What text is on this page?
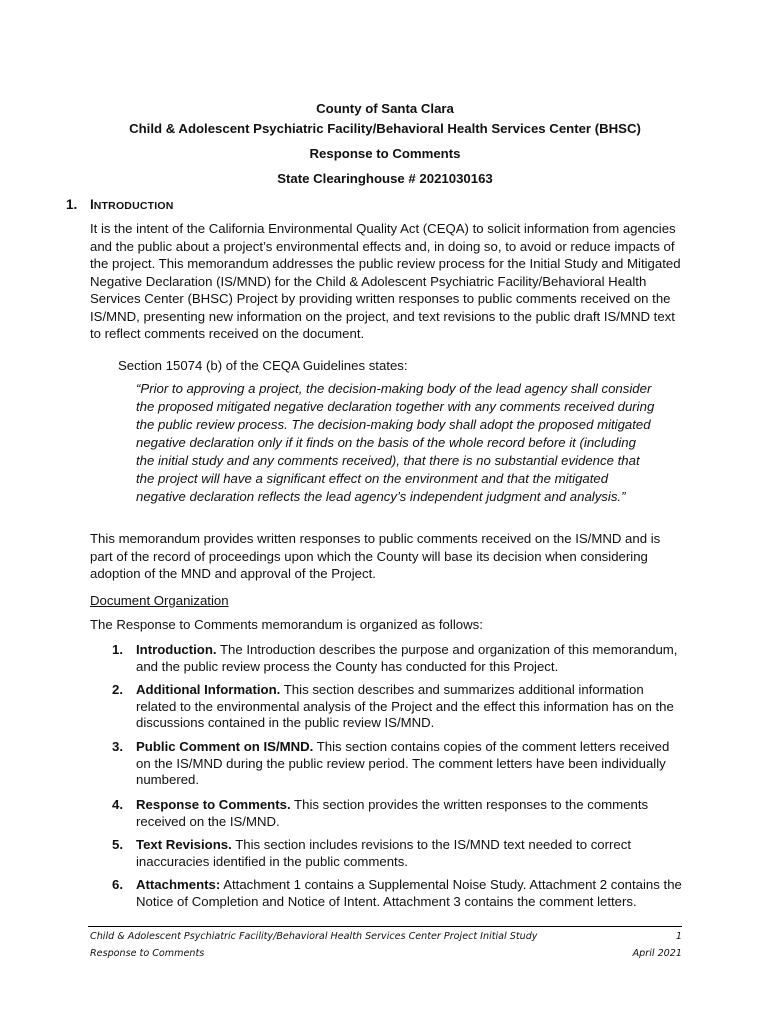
County of Santa Clara
Child & Adolescent Psychiatric Facility/Behavioral Health Services Center (BHSC)
Response to Comments
State Clearinghouse # 2021030163
1. INTRODUCTION
It is the intent of the California Environmental Quality Act (CEQA) to solicit information from agencies and the public about a project’s environmental effects and, in doing so, to avoid or reduce impacts of the project. This memorandum addresses the public review process for the Initial Study and Mitigated Negative Declaration (IS/MND) for the Child & Adolescent Psychiatric Facility/Behavioral Health Services Center (BHSC) Project by providing written responses to public comments received on the IS/MND, presenting new information on the project, and text revisions to the public draft IS/MND text to reflect comments received on the document.
Section 15074 (b) of the CEQA Guidelines states:
“Prior to approving a project, the decision-making body of the lead agency shall consider the proposed mitigated negative declaration together with any comments received during the public review process. The decision-making body shall adopt the proposed mitigated negative declaration only if it finds on the basis of the whole record before it (including the initial study and any comments received), that there is no substantial evidence that the project will have a significant effect on the environment and that the mitigated negative declaration reflects the lead agency’s independent judgment and analysis.”
This memorandum provides written responses to public comments received on the IS/MND and is part of the record of proceedings upon which the County will base its decision when considering adoption of the MND and approval of the Project.
Document Organization
The Response to Comments memorandum is organized as follows:
1. Introduction. The Introduction describes the purpose and organization of this memorandum, and the public review process the County has conducted for this Project.
2. Additional Information. This section describes and summarizes additional information related to the environmental analysis of the Project and the effect this information has on the discussions contained in the public review IS/MND.
3. Public Comment on IS/MND. This section contains copies of the comment letters received on the IS/MND during the public review period. The comment letters have been individually numbered.
4. Response to Comments. This section provides the written responses to the comments received on the IS/MND.
5. Text Revisions. This section includes revisions to the IS/MND text needed to correct inaccuracies identified in the public comments.
6. Attachments: Attachment 1 contains a Supplemental Noise Study. Attachment 2 contains the Notice of Completion and Notice of Intent. Attachment 3 contains the comment letters.
Child & Adolescent Psychiatric Facility/Behavioral Health Services Center Project Initial Study	1
Response to Comments	April 2021
